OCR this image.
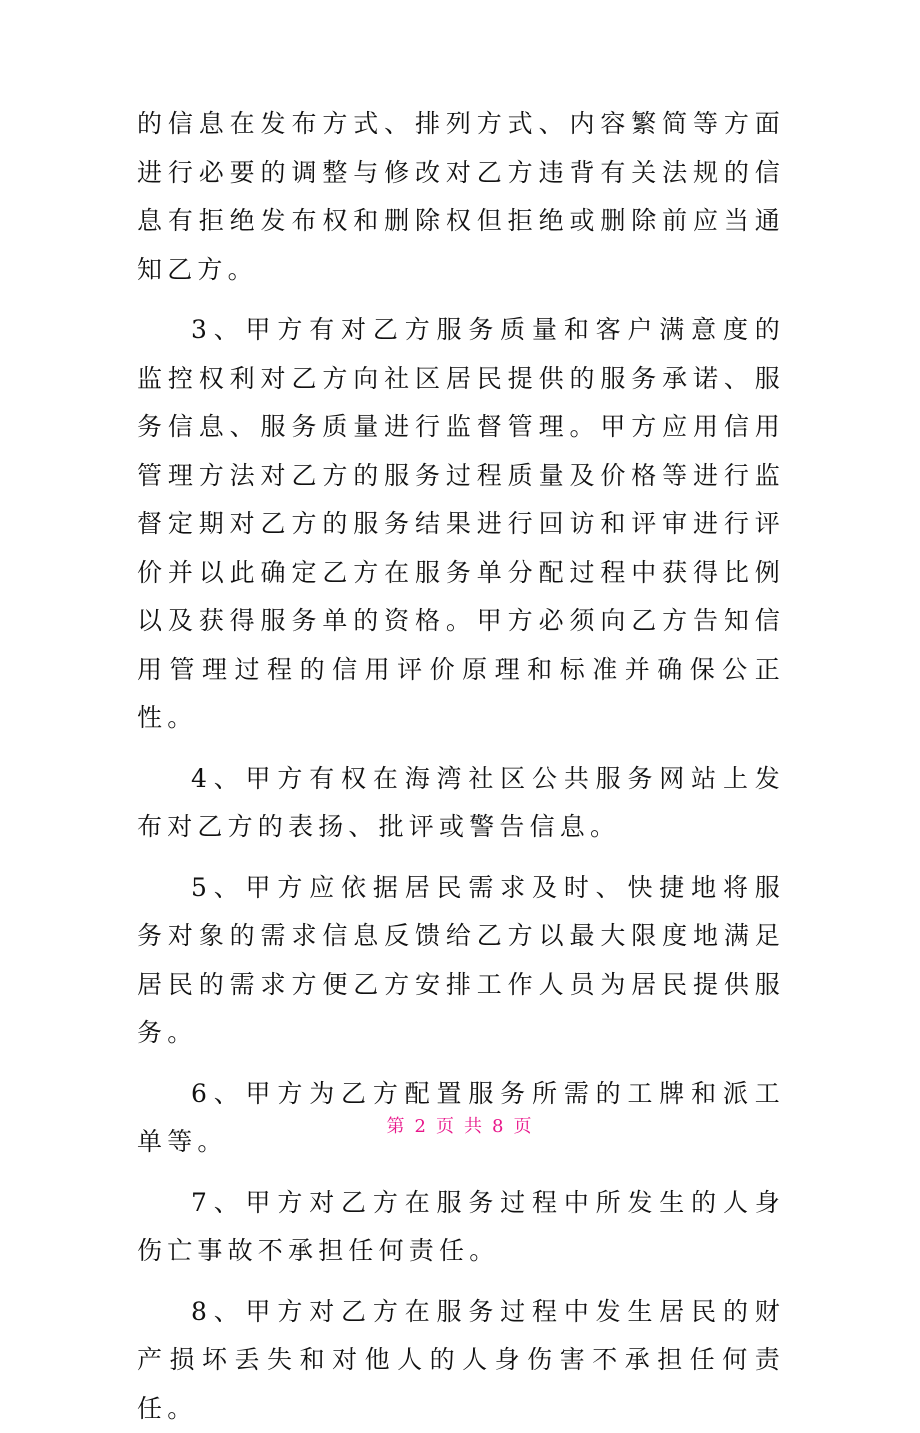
的信息在发布方式、排列方式、内容繁简等方面进行必要的调整与修改对乙方违背有关法规的信息有拒绝发布权和删除权但拒绝或删除前应当通知乙方。

3、甲方有对乙方服务质量和客户满意度的监控权利对乙方向社区居民提供的服务承诺、服务信息、服务质量进行监督管理。甲方应用信用管理方法对乙方的服务过程质量及价格等进行监督定期对乙方的服务结果进行回访和评审进行评价并以此确定乙方在服务单分配过程中获得比例以及获得服务单的资格。甲方必须向乙方告知信用管理过程的信用评价原理和标准并确保公正性。

4、甲方有权在海湾社区公共服务网站上发布对乙方的表扬、批评或警告信息。

5、甲方应依据居民需求及时、快捷地将服务对象的需求信息反馈给乙方以最大限度地满足居民的需求方便乙方安排工作人员为居民提供服务。

6、甲方为乙方配置服务所需的工牌和派工单等。

7、甲方对乙方在服务过程中所发生的人身伤亡事故不承担任何责任。

8、甲方对乙方在服务过程中发生居民的财产损坏丢失和对他人的人身伤害不承担任何责任。

第 2 页 共 8 页
